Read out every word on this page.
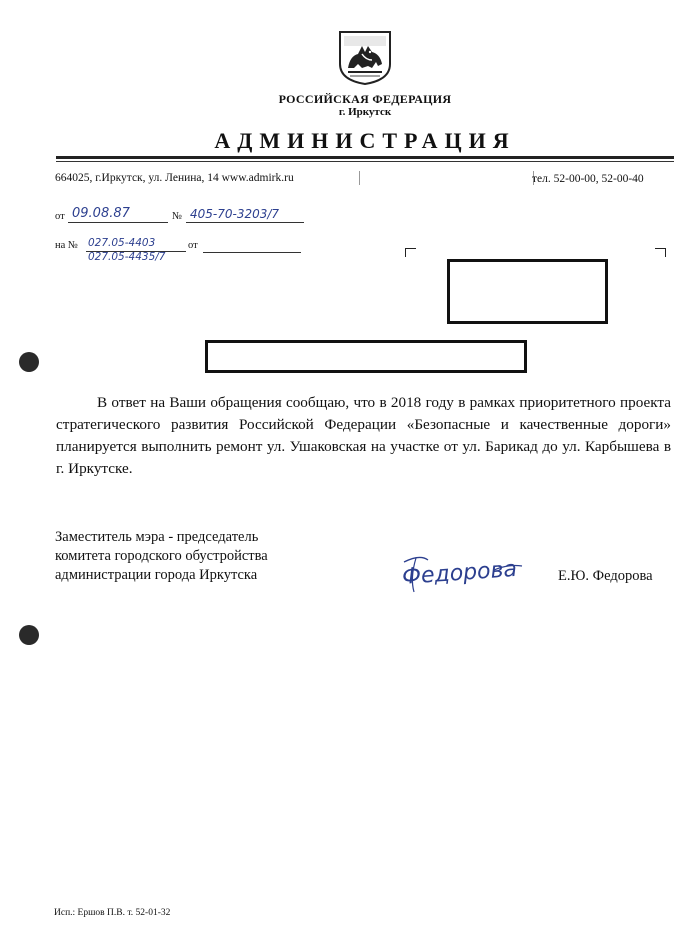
РОССИЙСКАЯ ФЕДЕРАЦИЯ
г. Иркутск
АДМИНИСТРАЦИЯ
664025, г.Иркутск, ул. Ленина, 14 www.admirk.ru	тел. 52-00-00, 52-00-40
от 09.08.87	№ 405-70-3203/7
на № 027.05-4403
027.05-4435/7
от

В ответ на Ваши обращения сообщаю, что в 2018 году в рамках приоритетного проекта стратегического развития Российской Федерации «Безопасные и качественные дороги» планируется выполнить ремонт ул. Ушаковская на участке от ул. Барикад до ул. Карбышева в г. Иркутске.

Заместитель мэра - председатель
комитета городского обустройства
администрации города Иркутска	Федорова	Е.Ю. Федорова
Исп.: Ершов П.В. т. 52-01-32
